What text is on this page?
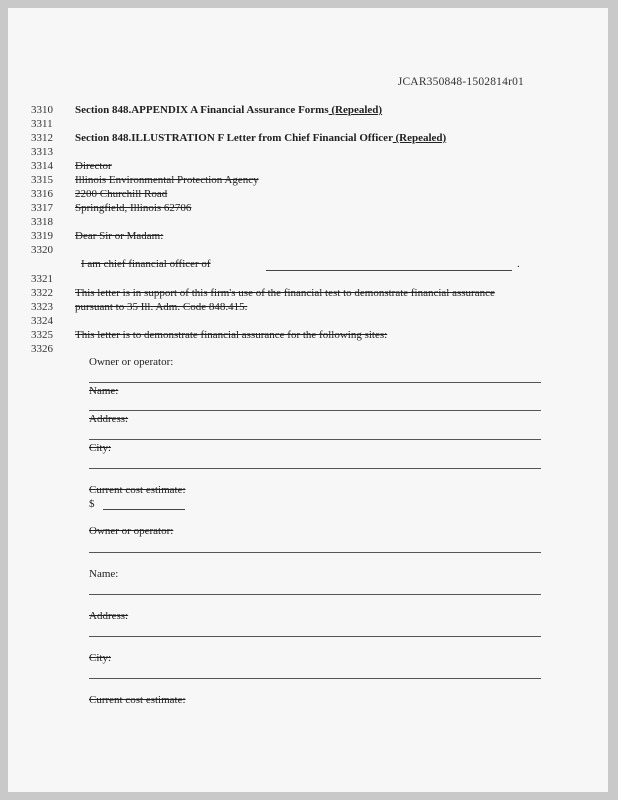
JCAR350848-1502814r01
3310
3311
3312
3313
3314
3315
3316
3317
3318
3319
3320
3321
3322
3323
3324
3325
3326
Section 848.APPENDIX A Financial Assurance Forms (Repealed)
Section 848.ILLUSTRATION F Letter from Chief Financial Officer (Repealed)
Director
Illinois Environmental Protection Agency
2200 Churchill Road
Springfield, Illinois 62706
Dear Sir or Madam:
I am chief financial officer of	.
This letter is in support of this firm's use of the financial test to demonstrate financial assurance
pursuant to 35 Ill. Adm. Code 848.415.
This letter is to demonstrate financial assurance for the following sites:
Owner or operator:
Name:
Address:
City:
Current cost estimate:
$
Owner or operator:
Name:
Address:
City:
Current cost estimate:
